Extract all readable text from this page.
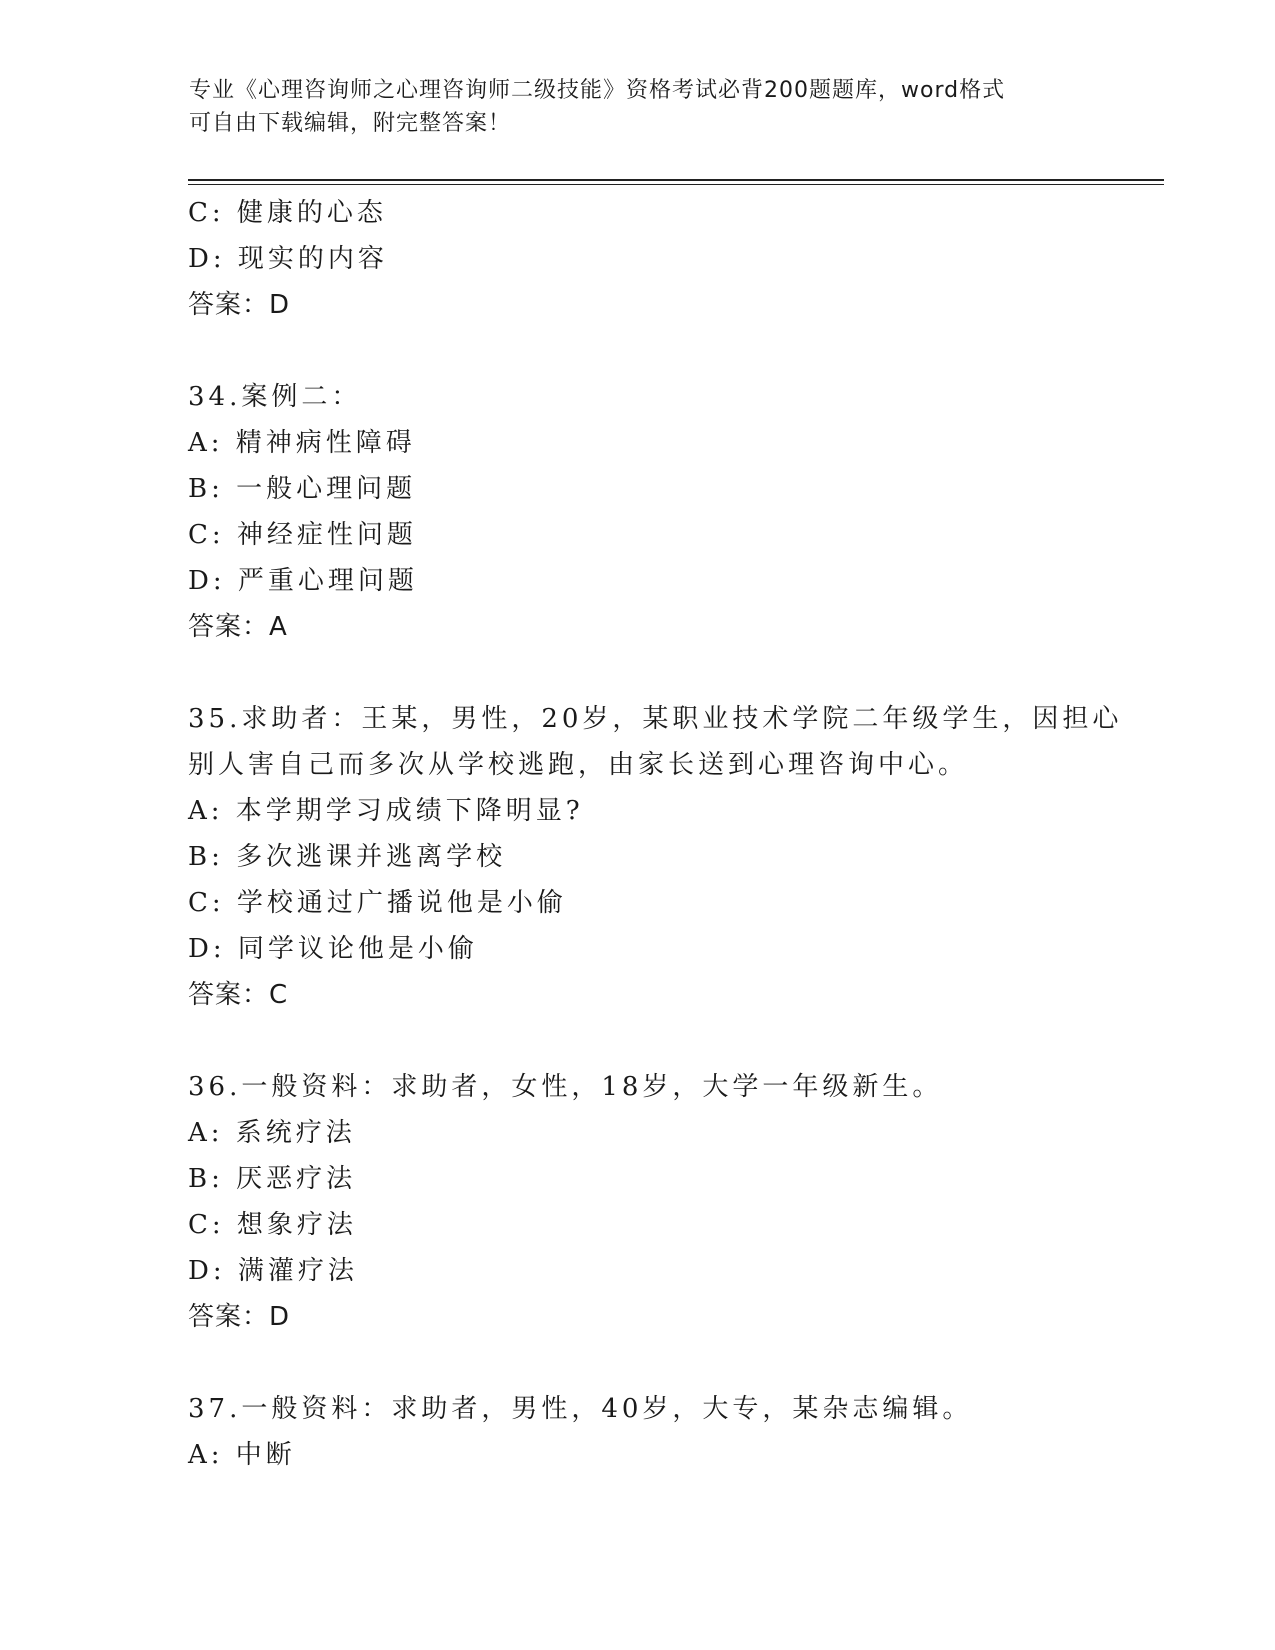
专业《心理咨询师之心理咨询师二级技能》资格考试必背200题题库，word格式
可自由下载编辑，附完整答案！
C: 健康的心态
D: 现实的内容
答案：D
34.案例二：
A: 精神病性障碍
B: 一般心理问题
C: 神经症性问题
D: 严重心理问题
答案：A
35.求助者：王某，男性，20岁，某职业技术学院二年级学生，因担心
别人害自己而多次从学校逃跑，由家长送到心理咨询中心。
A: 本学期学习成绩下降明显?
B: 多次逃课并逃离学校
C: 学校通过广播说他是小偷
D: 同学议论他是小偷
答案：C
36.一般资料：求助者，女性，18岁，大学一年级新生。
A: 系统疗法
B: 厌恶疗法
C: 想象疗法
D: 满灌疗法
答案：D
37.一般资料：求助者，男性，40岁，大专，某杂志编辑。
A: 中断
